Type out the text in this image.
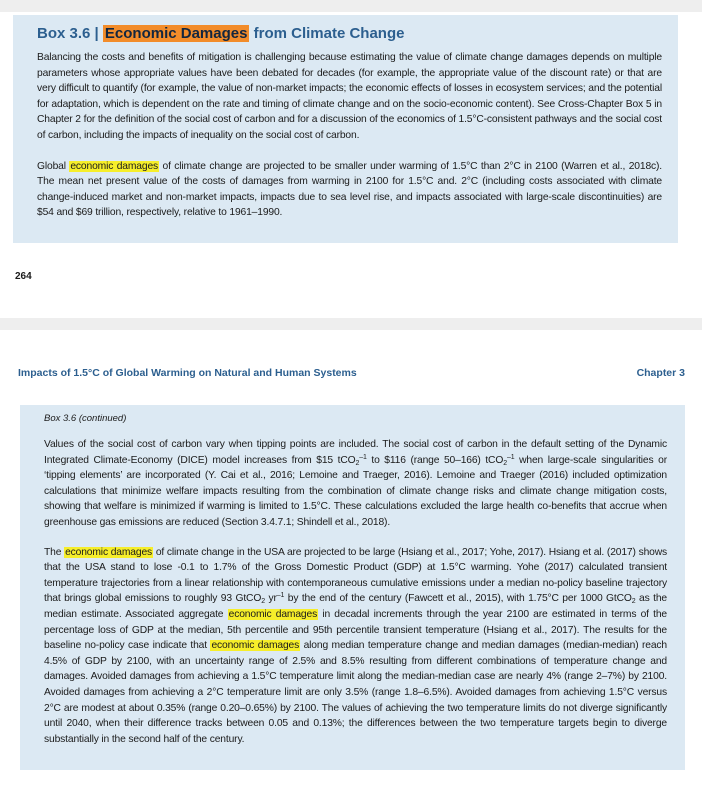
Box 3.6 | Economic Damages from Climate Change

Balancing the costs and benefits of mitigation is challenging because estimating the value of climate change damages depends on multiple parameters whose appropriate values have been debated for decades (for example, the appropriate value of the discount rate) or that are very difficult to quantify (for example, the value of non-market impacts; the economic effects of losses in ecosystem services; and the potential for adaptation, which is dependent on the rate and timing of climate change and on the socio-economic content). See Cross-Chapter Box 5 in Chapter 2 for the definition of the social cost of carbon and for a discussion of the economics of 1.5°C-consistent pathways and the social cost of carbon, including the impacts of inequality on the social cost of carbon.

Global economic damages of climate change are projected to be smaller under warming of 1.5°C than 2°C in 2100 (Warren et al., 2018c). The mean net present value of the costs of damages from warming in 2100 for 1.5°C and. 2°C (including costs associated with climate change-induced market and non-market impacts, impacts due to sea level rise, and impacts associated with large-scale discontinuities) are $54 and $69 trillion, respectively, relative to 1961–1990.

264
Impacts of 1.5°C of Global Warming on Natural and Human Systems	Chapter 3
Box 3.6 (continued)

Values of the social cost of carbon vary when tipping points are included. The social cost of carbon in the default setting of the Dynamic Integrated Climate-Economy (DICE) model increases from $15 tCO$_2^{-1}$ to $116 (range 50–166) tCO$_2^{-1}$ when large-scale singularities or ‘tipping elements’ are incorporated (Y. Cai et al., 2016; Lemoine and Traeger, 2016). Lemoine and Traeger (2016) included optimization calculations that minimize welfare impacts resulting from the combination of climate change risks and climate change mitigation costs, showing that welfare is minimized if warming is limited to 1.5°C. These calculations excluded the large health co-benefits that accrue when greenhouse gas emissions are reduced (Section 3.4.7.1; Shindell et al., 2018).

The economic damages of climate change in the USA are projected to be large (Hsiang et al., 2017; Yohe, 2017). Hsiang et al. (2017) shows that the USA stand to lose -0.1 to 1.7% of the Gross Domestic Product (GDP) at 1.5°C warming. Yohe (2017) calculated transient temperature trajectories from a linear relationship with contemporaneous cumulative emissions under a median no-policy baseline trajectory that brings global emissions to roughly 93 GtCO$_2$ $yr^{-1}$ by the end of the century (Fawcett et al., 2015), with 1.75°C per 1000 GtCO$_2$ as the median estimate. Associated aggregate economic damages in decadal increments through the year 2100 are estimated in terms of the percentage loss of GDP at the median, 5th percentile and 95th percentile transient temperature (Hsiang et al., 2017). The results for the baseline no-policy case indicate that economic damages along median temperature change and median damages (median-median) reach 4.5% of GDP by 2100, with an uncertainty range of 2.5% and 8.5% resulting from different combinations of temperature change and damages. Avoided damages from achieving a 1.5°C temperature limit along the median-median case are nearly 4% (range 2–7%) by 2100. Avoided damages from achieving a 2°C temperature limit are only 3.5% (range 1.8–6.5%). Avoided damages from achieving 1.5°C versus 2°C are modest at about 0.35% (range 0.20–0.65%) by 2100. The values of achieving the two temperature limits do not diverge significantly until 2040, when their difference tracks between 0.05 and 0.13%; the differences between the two temperature targets begin to diverge substantially in the second half of the century.
